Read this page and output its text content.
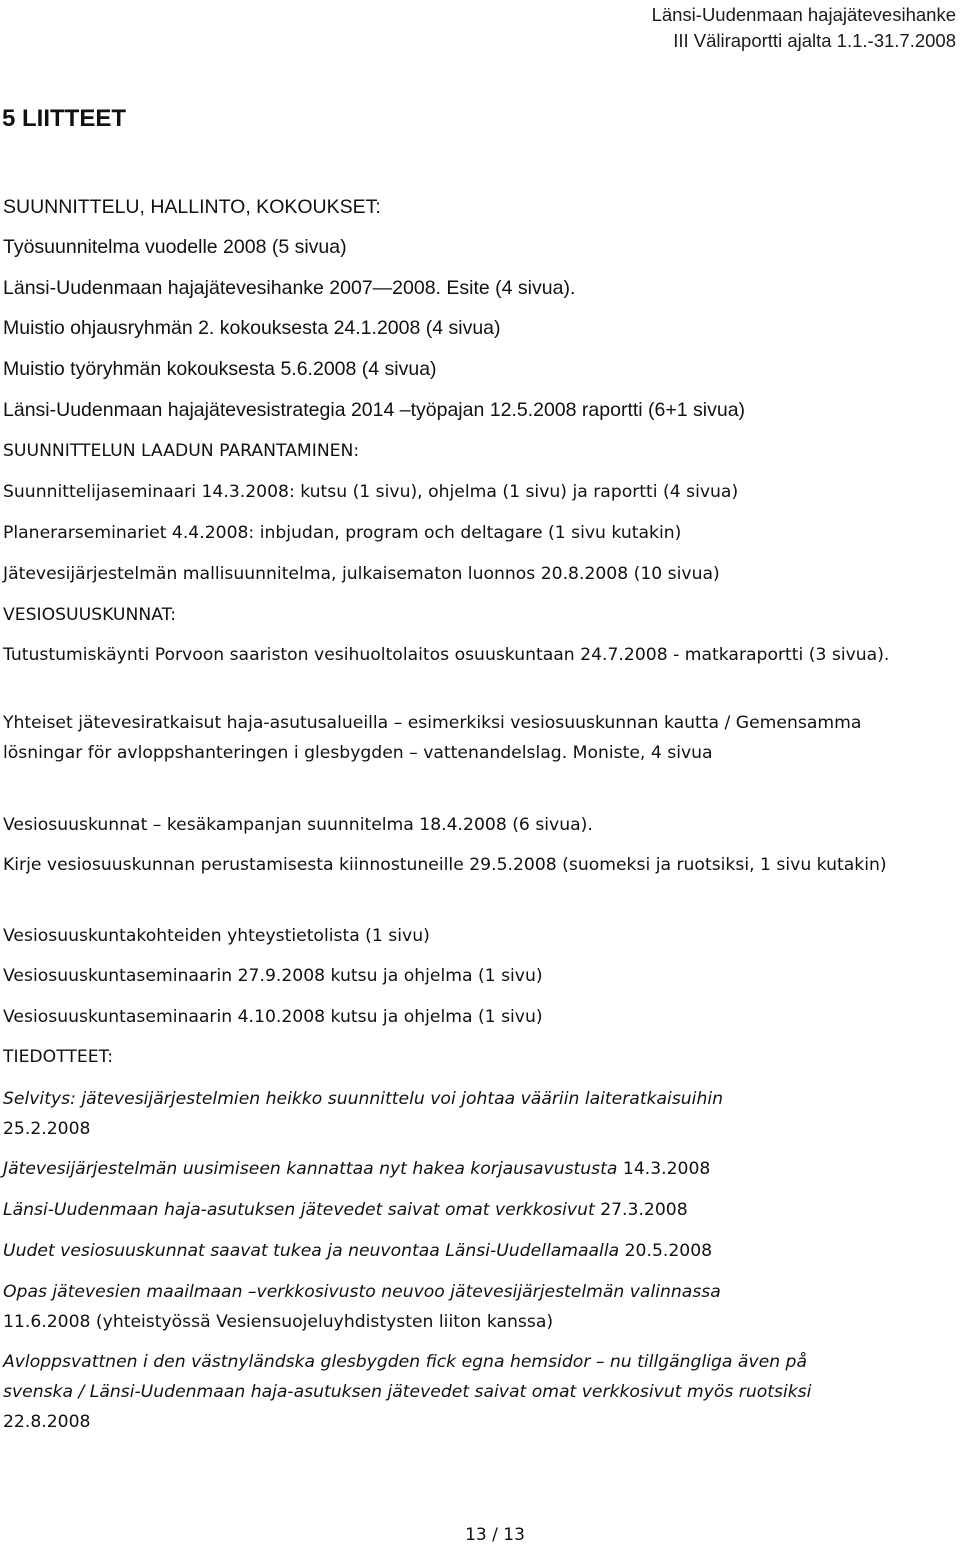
Länsi-Uudenmaan hajajätevesihanke
III Väliraportti ajalta 1.1.-31.7.2008
5 LIITTEET
SUUNNITTELU, HALLINTO, KOKOUKSET:
Työsuunnitelma vuodelle 2008 (5 sivua)
Länsi-Uudenmaan hajajätevesihanke 2007—2008. Esite (4 sivua).
Muistio ohjausryhmän 2. kokouksesta 24.1.2008 (4 sivua)
Muistio työryhmän kokouksesta 5.6.2008 (4 sivua)
Länsi-Uudenmaan hajajätevesistrategia 2014 –työpajan 12.5.2008 raportti (6+1 sivua)
SUUNNITTELUN LAADUN PARANTAMINEN:
Suunnittelijaseminaari 14.3.2008: kutsu (1 sivu), ohjelma (1 sivu) ja raportti (4 sivua)
Planerarseminariet 4.4.2008: inbjudan, program och deltagare (1 sivu kutakin)
Jätevesijärjestelmän mallisuunnitelma, julkaisematon luonnos 20.8.2008 (10 sivua)
VESIOSUUSKUNNAT:
Tutustumiskäynti Porvoon saariston vesihuoltolaitos osuuskuntaan 24.7.2008 - matkaraportti (3 sivua).
Yhteiset jätevesiratkaisut haja-asutusalueilla – esimerkiksi vesiosuuskunnan kautta / Gemensamma lösningar för avloppshanteringen i glesbygden – vattenandelslag. Moniste, 4 sivua
Vesiosuuskunnat – kesäkampanjan suunnitelma 18.4.2008 (6 sivua).
Kirje vesiosuuskunnan perustamisesta kiinnostuneille 29.5.2008 (suomeksi ja ruotsiksi, 1 sivu kutakin)
Vesiosuuskuntakohteiden yhteystietolista (1 sivu)
Vesiosuuskuntaseminaarin 27.9.2008 kutsu ja ohjelma (1 sivu)
Vesiosuuskuntaseminaarin 4.10.2008 kutsu ja ohjelma (1 sivu)
TIEDOTTEET:
Selvitys: jätevesijärjestelmien heikko suunnittelu voi johtaa vääriin laiteratkaisuihin
25.2.2008
Jätevesijärjestelmän uusimiseen kannattaa nyt hakea korjausavustusta 14.3.2008
Länsi-Uudenmaan haja-asutuksen jätevedet saivat omat verkkosivut 27.3.2008
Uudet vesiosuuskunnat saavat tukea ja neuvontaa Länsi-Uudellamaalla 20.5.2008
Opas jätevesien maailmaan –verkkosivusto neuvoo jätevesijärjestelmän valinnassa
11.6.2008 (yhteistyössä Vesiensuojeluyhdistysten liiton kanssa)
Avloppsvattnen i den västnyländska glesbygden fick egna hemsidor – nu tillgängliga även på svenska / Länsi-Uudenmaan haja-asutuksen jätevedet saivat omat verkkosivut myös ruotsiksi 22.8.2008
13 / 13
